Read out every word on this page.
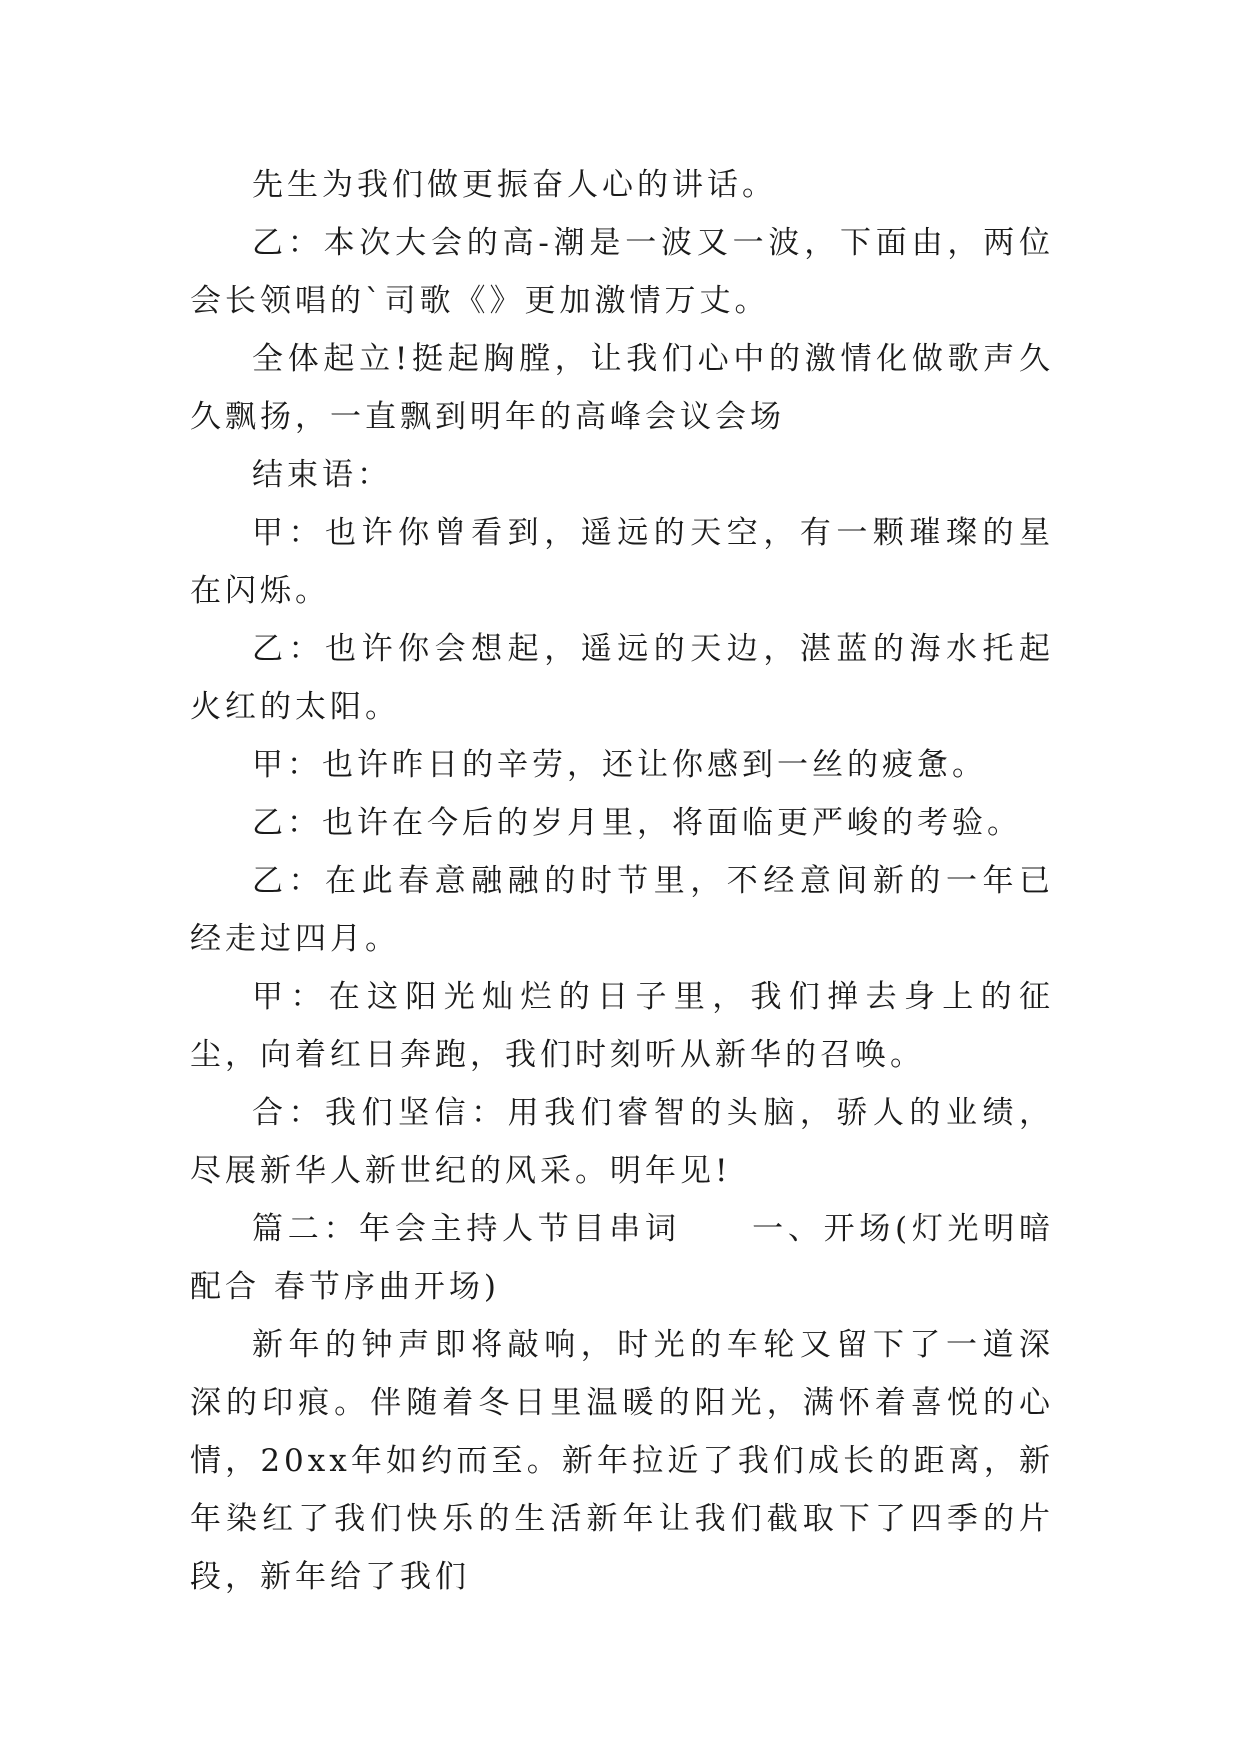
先生为我们做更振奋人心的讲话。

乙：本次大会的高-潮是一波又一波，下面由，两位会长领唱的`司歌《》更加激情万丈。

全体起立!挺起胸膛，让我们心中的激情化做歌声久久飘扬，一直飘到明年的高峰会议会场

结束语：

甲：也许你曾看到，遥远的天空，有一颗璀璨的星在闪烁。

乙：也许你会想起，遥远的天边，湛蓝的海水托起火红的太阳。

甲：也许昨日的辛劳，还让你感到一丝的疲惫。

乙：也许在今后的岁月里，将面临更严峻的考验。

乙：在此春意融融的时节里，不经意间新的一年已经走过四月。

甲：在这阳光灿烂的日子里，我们掸去身上的征尘，向着红日奔跑，我们时刻听从新华的召唤。

合：我们坚信：用我们睿智的头脑，骄人的业绩，尽展新华人新世纪的风采。明年见!

篇二：年会主持人节目串词　　一、开场(灯光明暗配合 春节序曲开场)

新年的钟声即将敲响，时光的车轮又留下了一道深深的印痕。伴随着冬日里温暖的阳光，满怀着喜悦的心情，20xx年如约而至。新年拉近了我们成长的距离，新年染红了我们快乐的生活新年让我们截取下了四季的片段，新年给了我们
